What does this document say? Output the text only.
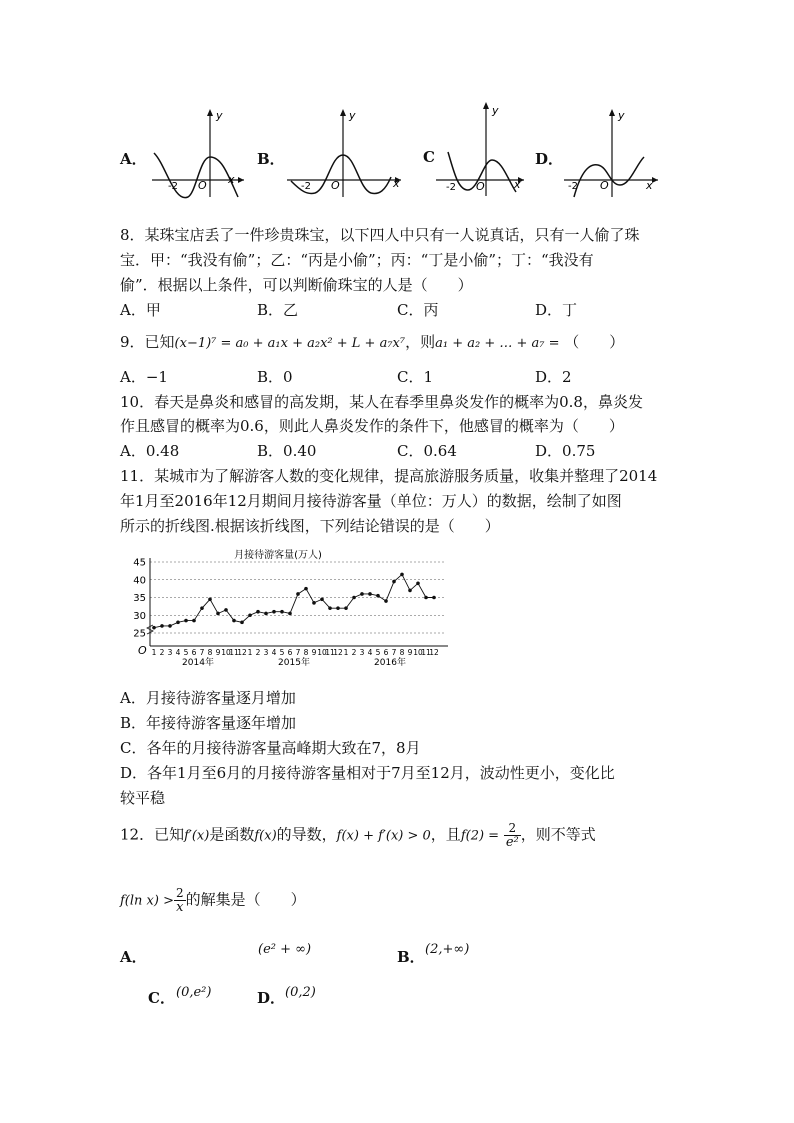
A．	B．	C	D．
x
y
-2 O	x
y
-2 O	x
y
-2 O	x
y
-2 O
8．某珠宝店丢了一件珍贵珠宝，以下四人中只有一人说真话，只有一人偷了珠
宝．甲：“我没有偷”；乙：“丙是小偷”；丙：“丁是小偷”；丁：“我没有
偷”．根据以上条件，可以判断偷珠宝的人是（　　）
A．甲	B．乙	C．丙	D．丁
9．已知(x−1)⁷ = a₀ + a₁x + a₂x² + L + a₇x⁷，则a₁ + a₂ + … + a₇ = （　　）
A．−1	B．0	C．1	D．2
10．春天是鼻炎和感冒的高发期，某人在春季里鼻炎发作的概率为0.8，鼻炎发
作且感冒的概率为0.6，则此人鼻炎发作的条件下，他感冒的概率为（　　）
A．0.48	B．0.40	C．0.64	D．0.75
11．某城市为了解游客人数的变化规律，提高旅游服务质量，收集并整理了2014
年1月至2016年12月期间月接待游客量（单位：万人）的数据，绘制了如图
所示的折线图.根据该折线图，下列结论错误的是（　　）
月接待游客量(万人)
25
30
35
40
45
O 1 2 3 4 5 6 7 8 9 10
11
12 1 2 3 4 5 6 7 8 9 10
11
12 1 2 3 4 5 6 7 8 9 10
11
12
2014年	2015年	2016年
A．月接待游客量逐月增加
B．年接待游客量逐年增加
C．各年的月接待游客量高峰期大致在7，8月
D．各年1月至6月的月接待游客量相对于7月至12月，波动性更小，变化比
较平稳
12．已知f′(x)是函数f(x)的导数，f(x) + f′(x) > 0，且$f(2) = \frac{2}{\text{e²}}$ ，则不等式
f(ln $x) > \frac{2}{x}$ 的解集是（　　）
A．	(e² + ∞)	B． (2,+∞)
C． (0,e²)	D． (0,2)
